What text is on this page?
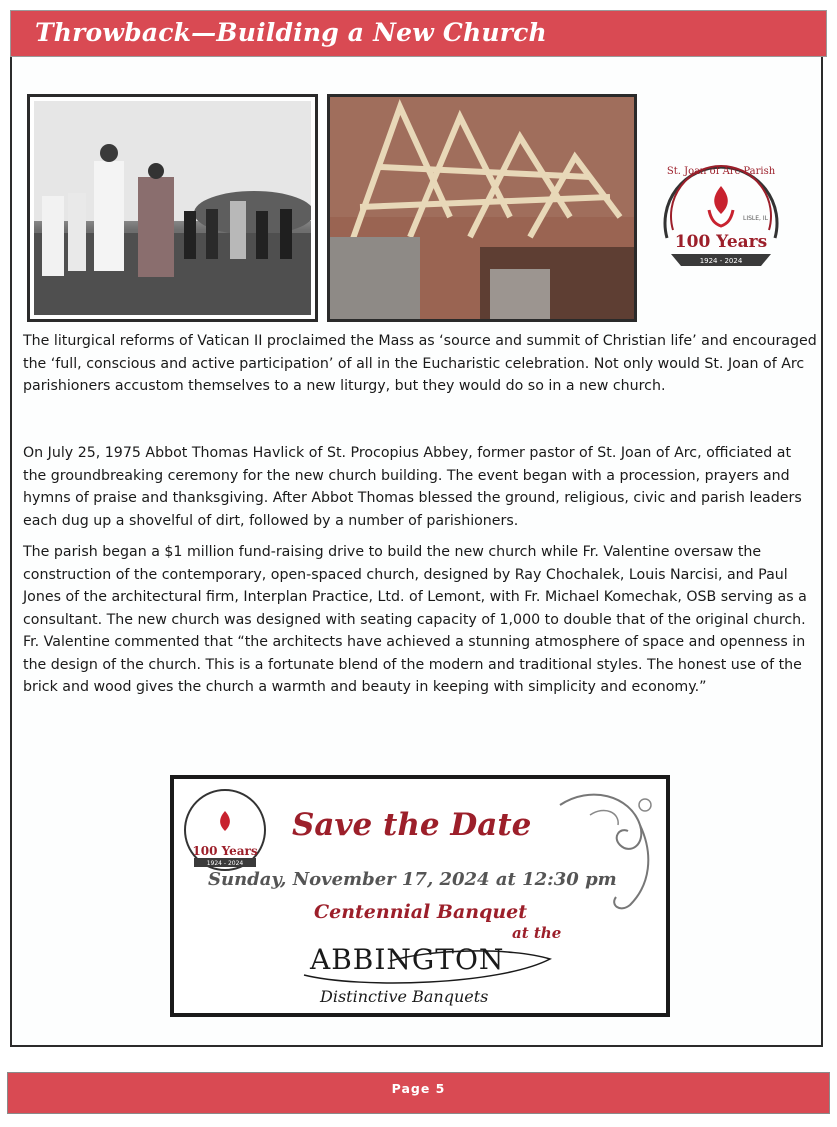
Throwback—Building a New Church
St. Joan of Arc Parish
LISLE, IL
100 Years
1924 - 2024

The liturgical reforms of Vatican II proclaimed the Mass as ‘source and summit of Christian life’ and encouraged the ‘full, conscious and active participation’ of all in the Eucharistic celebration. Not only would St. Joan of Arc parishioners accustom themselves to a new liturgy, but they would do so in a new church.

On July 25, 1975 Abbot Thomas Havlick of St. Procopius Abbey, former pastor of St. Joan of Arc, officiated at the groundbreaking ceremony for the new church building. The event began with a procession, prayers and hymns of praise and thanksgiving. After Abbot Thomas blessed the ground, religious, civic and parish leaders each dug up a shovelful of dirt, followed by a number of parishioners.

The parish began a $1 million fund-raising drive to build the new church while Fr. Valentine oversaw the construction of the contemporary, open-spaced church, designed by Ray Chochalek, Louis Narcisi, and Paul Jones of the architectural firm, Interplan Practice, Ltd. of Lemont, with Fr. Michael Komechak, OSB serving as a consultant. The new church was designed with seating capacity of 1,000 to double that of the original church. Fr. Valentine commented that “the architects have achieved a stunning atmosphere of space and openness in the design of the church. This is a fortunate blend of the modern and traditional styles. The honest use of the brick and wood gives the church a warmth and beauty in keeping with simplicity and economy.”

100 Years
1924 - 2024
Save the Date
Sunday, November 17, 2024 at 12:30 pm
Centennial Banquet
at the
ABBINGTON
Distinctive Banquets
Page 5
